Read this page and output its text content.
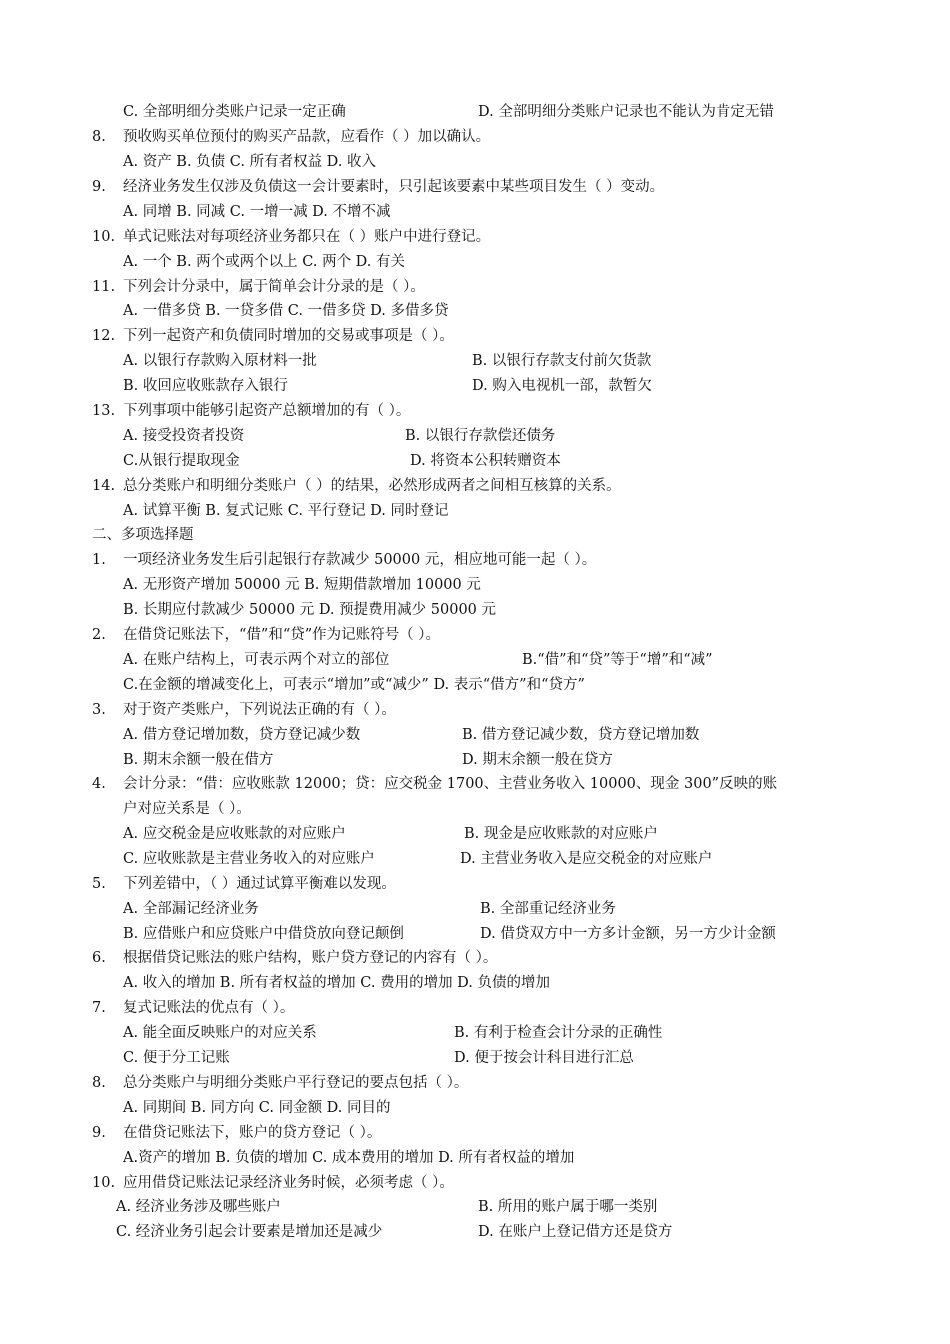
C. 全部明细分类账户记录一定正确	D. 全部明细分类账户记录也不能认为肯定无错
8. 预收购买单位预付的购买产品款，应看作（ ）加以确认。
A. 资产 B. 负债 C. 所有者权益 D. 收入
9. 经济业务发生仅涉及负债这一会计要素时，只引起该要素中某些项目发生（ ）变动。
A. 同增 B. 同减 C. 一增一减 D. 不增不减
10. 单式记账法对每项经济业务都只在（ ）账户中进行登记。
A. 一个 B. 两个或两个以上 C. 两个 D. 有关
11. 下列会计分录中，属于简单会计分录的是（ ）。
A. 一借多贷 B. 一贷多借 C. 一借多贷 D. 多借多贷
12. 下列一起资产和负债同时增加的交易或事项是（ ）。
A. 以银行存款购入原材料一批	B. 以银行存款支付前欠货款
B. 收回应收账款存入银行	D. 购入电视机一部，款暂欠
13. 下列事项中能够引起资产总额增加的有（ ）。
A. 接受投资者投资	B. 以银行存款偿还债务
C.从银行提取现金	D. 将资本公积转赠资本
14. 总分类账户和明细分类账户（ ）的结果，必然形成两者之间相互核算的关系。
A. 试算平衡 B. 复式记账 C. 平行登记 D. 同时登记
二、多项选择题
1. 一项经济业务发生后引起银行存款减少 50000 元，相应地可能一起（ ）。
A. 无形资产增加 50000 元 B. 短期借款增加 10000 元
B. 长期应付款减少 50000 元 D. 预提费用减少 50000 元
2. 在借贷记账法下，“借”和“贷”作为记账符号（ ）。
A. 在账户结构上，可表示两个对立的部位	B.“借”和“贷”等于“增”和“减”
C.在金额的增减变化上，可表示“增加”或“减少” D. 表示“借方”和“贷方”
3. 对于资产类账户，下列说法正确的有（ ）。
A. 借方登记增加数，贷方登记减少数	B. 借方登记减少数，贷方登记增加数
B. 期末余额一般在借方	D. 期末余额一般在贷方
4. 会计分录：“借：应收账款 12000；贷：应交税金 1700、主营业务收入 10000、现金 300”反映的账
户对应关系是（ ）。
A. 应交税金是应收账款的对应账户	B. 现金是应收账款的对应账户
C. 应收账款是主营业务收入的对应账户	D. 主营业务收入是应交税金的对应账户
5. 下列差错中，（ ）通过试算平衡难以发现。
A. 全部漏记经济业务	B. 全部重记经济业务
B. 应借账户和应贷账户中借贷放向登记颠倒	D. 借贷双方中一方多计金额，另一方少计金额
6. 根据借贷记账法的账户结构，账户贷方登记的内容有（ ）。
A. 收入的增加 B. 所有者权益的增加 C. 费用的增加 D. 负债的增加
7. 复式记账法的优点有（ ）。
A. 能全面反映账户的对应关系	B. 有利于检查会计分录的正确性
C. 便于分工记账	D. 便于按会计科目进行汇总
8. 总分类账户与明细分类账户平行登记的要点包括（ ）。
A. 同期间 B. 同方向 C. 同金额 D. 同目的
9. 在借贷记账法下，账户的贷方登记（ ）。
A.资产的增加 B. 负债的增加 C. 成本费用的增加 D. 所有者权益的增加
10. 应用借贷记账法记录经济业务时候，必须考虑（ ）。
A. 经济业务涉及哪些账户	B. 所用的账户属于哪一类别
C. 经济业务引起会计要素是增加还是减少	D. 在账户上登记借方还是贷方
